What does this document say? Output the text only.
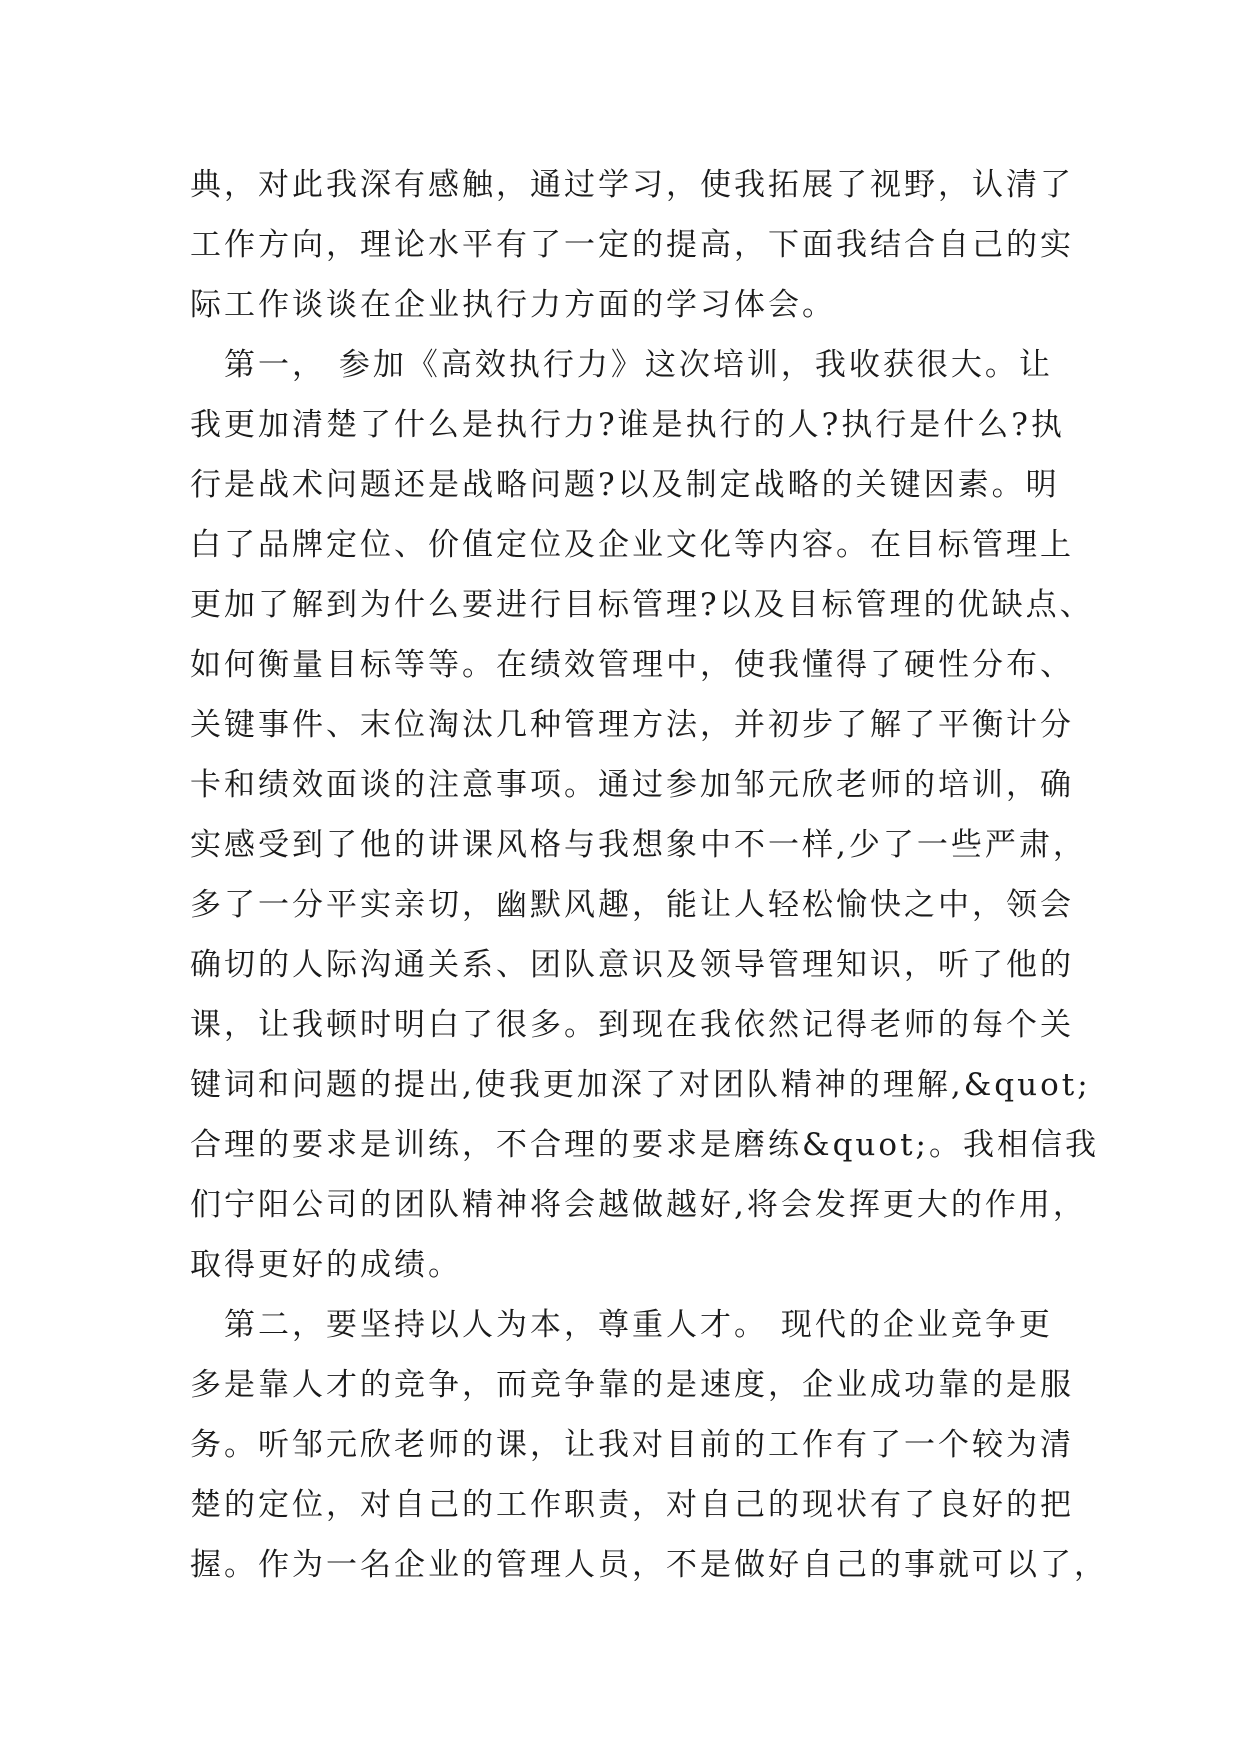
典，对此我深有感触，通过学习，使我拓展了视野，认清了
工作方向，理论水平有了一定的提高，下面我结合自己的实
际工作谈谈在企业执行力方面的学习体会。
第一， 参加《高效执行力》这次培训，我收获很大。让
我更加清楚了什么是执行力?谁是执行的人?执行是什么?执
行是战术问题还是战略问题?以及制定战略的关键因素。明
白了品牌定位、价值定位及企业文化等内容。在目标管理上
更加了解到为什么要进行目标管理?以及目标管理的优缺点、
如何衡量目标等等。在绩效管理中，使我懂得了硬性分布、
关键事件、末位淘汰几种管理方法，并初步了解了平衡计分
卡和绩效面谈的注意事项。通过参加邹元欣老师的培训，确
实感受到了他的讲课风格与我想象中不一样,少了一些严肃，
多了一分平实亲切，幽默风趣，能让人轻松愉快之中，领会
确切的人际沟通关系、团队意识及领导管理知识，听了他的
课，让我顿时明白了很多。到现在我依然记得老师的每个关
键词和问题的提出,使我更加深了对团队精神的理解,&quot;
合理的要求是训练，不合理的要求是磨练&quot;。我相信我
们宁阳公司的团队精神将会越做越好,将会发挥更大的作用，
取得更好的成绩。
第二，要坚持以人为本，尊重人才。 现代的企业竞争更
多是靠人才的竞争，而竞争靠的是速度，企业成功靠的是服
务。听邹元欣老师的课，让我对目前的工作有了一个较为清
楚的定位，对自己的工作职责，对自己的现状有了良好的把
握。作为一名企业的管理人员，不是做好自己的事就可以了，
